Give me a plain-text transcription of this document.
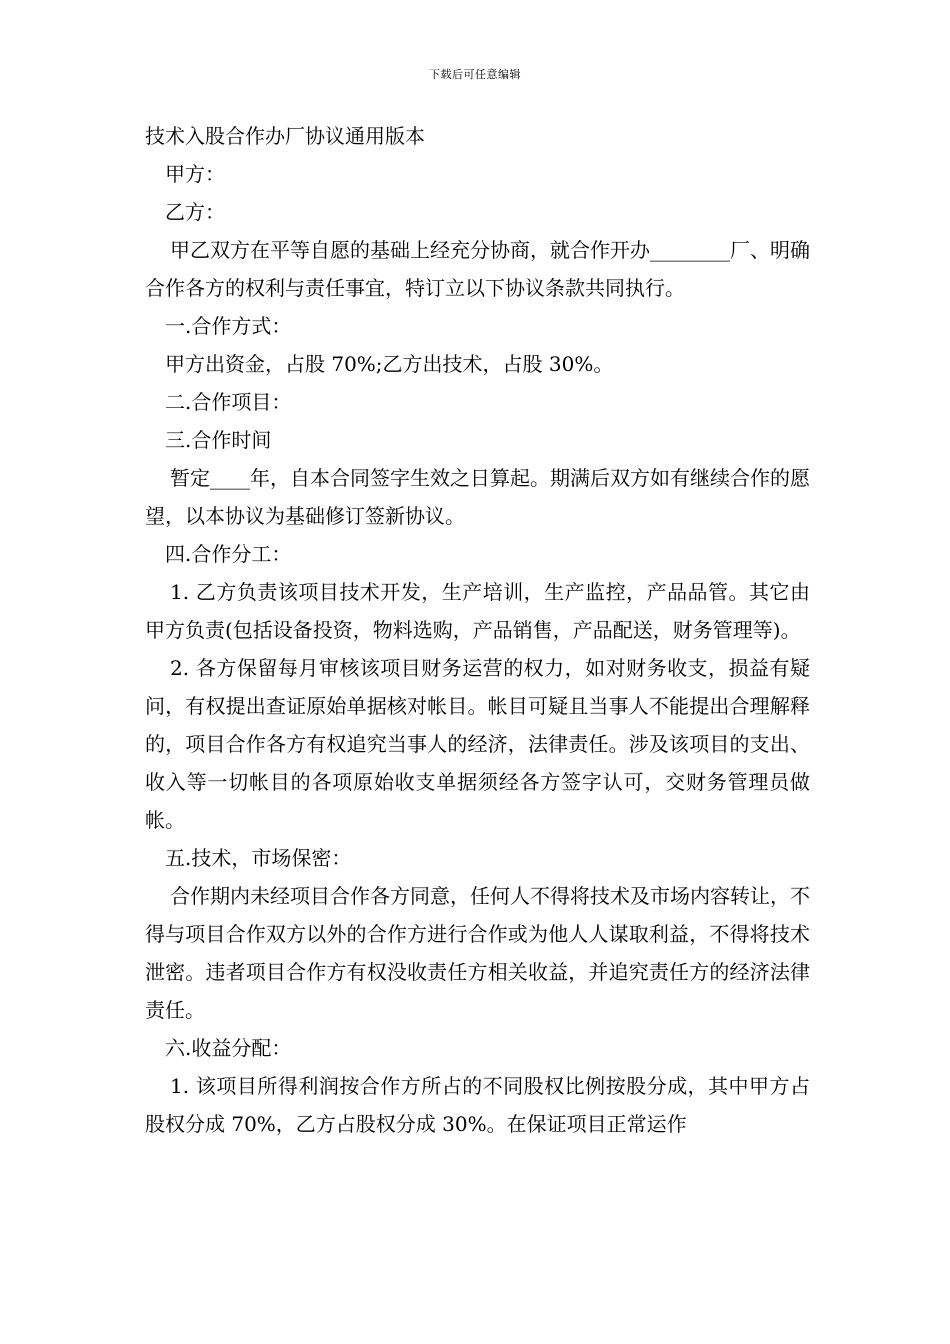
下载后可任意编辑

技术入股合作办厂协议通用版本

甲方：

乙方：

甲乙双方在平等自愿的基础上经充分协商，就合作开办________厂、明确合作各方的权利与责任事宜，特订立以下协议条款共同执行。

一.合作方式：

甲方出资金，占股 70%;乙方出技术，占股 30%。

二.合作项目：

三.合作时间

暂定____年，自本合同签字生效之日算起。期满后双方如有继续合作的愿望，以本协议为基础修订签新协议。

四.合作分工：

1. 乙方负责该项目技术开发，生产培训，生产监控，产品品管。其它由甲方负责(包括设备投资，物料选购，产品销售，产品配送，财务管理等)。

2. 各方保留每月审核该项目财务运营的权力，如对财务收支，损益有疑问，有权提出查证原始单据核对帐目。帐目可疑且当事人不能提出合理解释的，项目合作各方有权追究当事人的经济，法律责任。涉及该项目的支出、收入等一切帐目的各项原始收支单据须经各方签字认可，交财务管理员做帐。

五.技术，市场保密：

合作期内未经项目合作各方同意，任何人不得将技术及市场内容转让，不得与项目合作双方以外的合作方进行合作或为他人人谋取利益，不得将技术泄密。违者项目合作方有权没收责任方相关收益，并追究责任方的经济法律责任。

六.收益分配：

1. 该项目所得利润按合作方所占的不同股权比例按股分成，其中甲方占股权分成 70%，乙方占股权分成 30%。在保证项目正常运作
